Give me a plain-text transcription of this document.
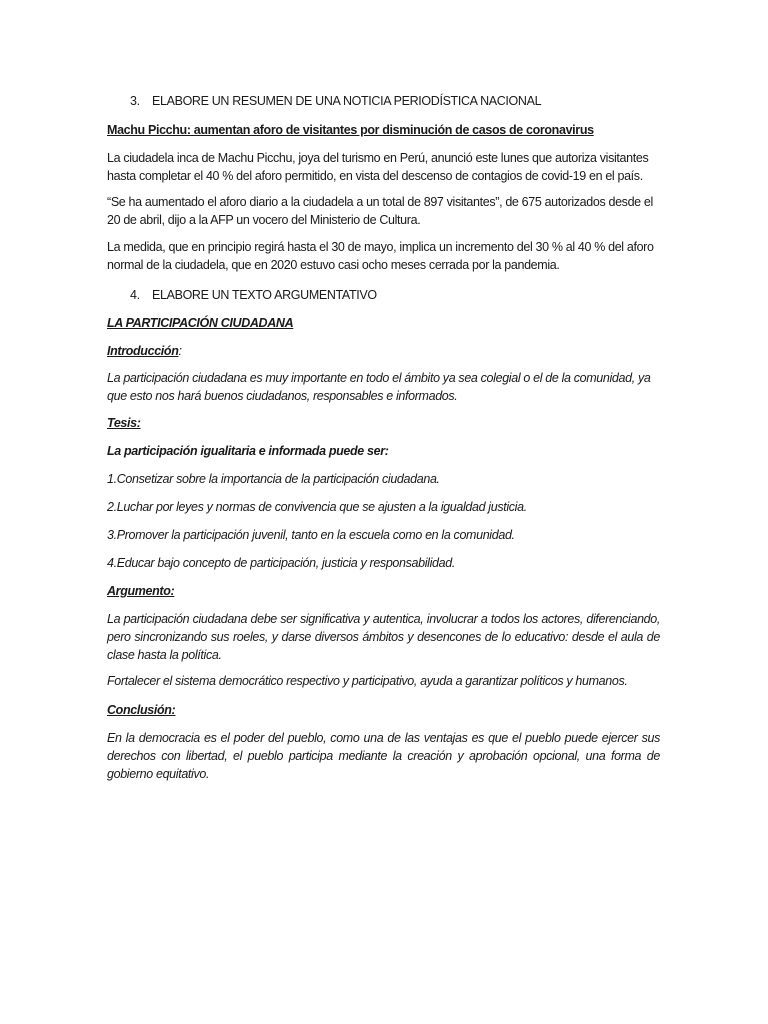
3. ELABORE UN RESUMEN DE UNA NOTICIA PERIODÍSTICA NACIONAL
Machu Picchu: aumentan aforo de visitantes por disminución de casos de coronavirus

La ciudadela inca de Machu Picchu, joya del turismo en Perú, anunció este lunes que autoriza visitantes hasta completar el 40 % del aforo permitido, en vista del descenso de contagios de covid-19 en el país.

“Se ha aumentado el aforo diario a la ciudadela a un total de 897 visitantes”, de 675 autorizados desde el 20 de abril, dijo a la AFP un vocero del Ministerio de Cultura.

La medida, que en principio regirá hasta el 30 de mayo, implica un incremento del 30 % al 40 % del aforo normal de la ciudadela, que en 2020 estuvo casi ocho meses cerrada por la pandemia.

4. ELABORE UN TEXTO ARGUMENTATIVO
LA PARTICIPACIÓN CIUDADANA
Introducción:

La participación ciudadana es muy importante en todo el ámbito ya sea colegial o el de la comunidad, ya que esto nos hará buenos ciudadanos, responsables e informados.

Tesis:
La participación igualitaria e informada puede ser:

1.Consetizar sobre la importancia de la participación ciudadana.

2.Luchar por leyes y normas de convivencia que se ajusten a la igualdad justicia.

3.Promover la participación juvenil, tanto en la escuela como en la comunidad.

4.Educar bajo concepto de participación, justicia y responsabilidad.

Argumento:

La participación ciudadana debe ser significativa y autentica, involucrar a todos los actores, diferenciando, pero sincronizando sus roeles, y darse diversos ámbitos y desencones de lo educativo: desde el aula de clase hasta la política.

Fortalecer el sistema democrático respectivo y participativo, ayuda a garantizar políticos y humanos.

Conclusión:

En la democracia es el poder del pueblo, como una de las ventajas es que el pueblo puede ejercer sus derechos con libertad, el pueblo participa mediante la creación y aprobación opcional, una forma de gobierno equitativo.
